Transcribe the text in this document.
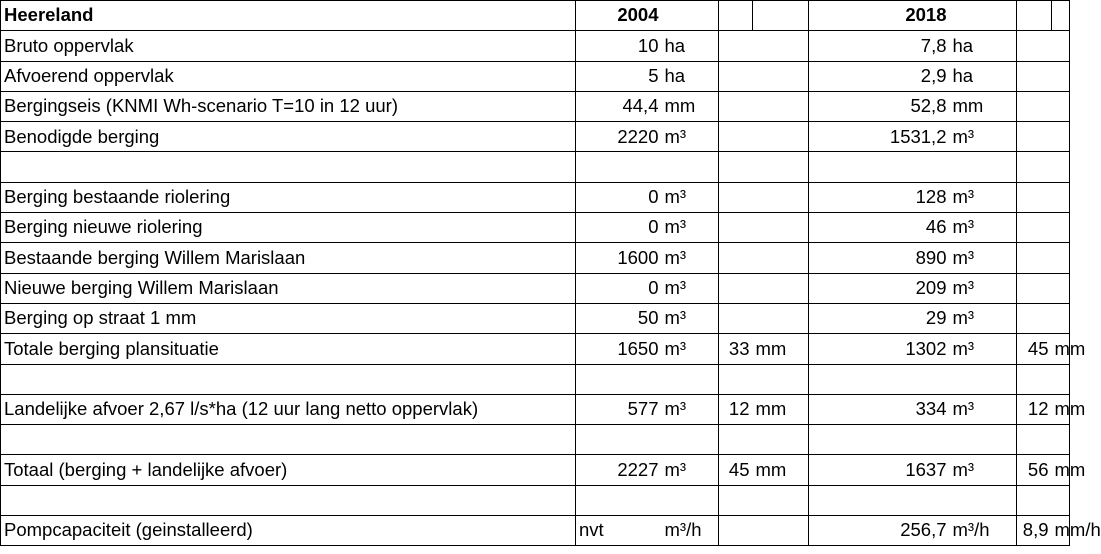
Heereland	2004				2018			
Bruto oppervlak	10	ha			7,8	ha		
Afvoerend oppervlak	5	ha			2,9	ha		
Bergingseis (KNMI Wh-scenario T=10 in 12 uur)	44,4	mm			52,8	mm		
Benodigde berging	2220	m³			1531,2	m³		

Berging bestaande riolering	0	m³			128	m³		
Berging nieuwe riolering	0	m³			46	m³		
Bestaande berging Willem Marislaan	1600	m³			890	m³		
Nieuwe berging Willem Marislaan	0	m³			209	m³		
Berging op straat 1 mm	50	m³			29	m³		
Totale berging plansituatie	1650	m³	33	mm	1302	m³	45	mm

Landelijke afvoer 2,67 l/s*ha (12 uur lang netto oppervlak)	577	m³	12	mm	334	m³	12	mm

Totaal (berging + landelijke afvoer)	2227	m³	45	mm	1637	m³	56	mm

Pompcapaciteit (geinstalleerd)	nvt	m³/h			256,7	m³/h	8,9	mm/h
